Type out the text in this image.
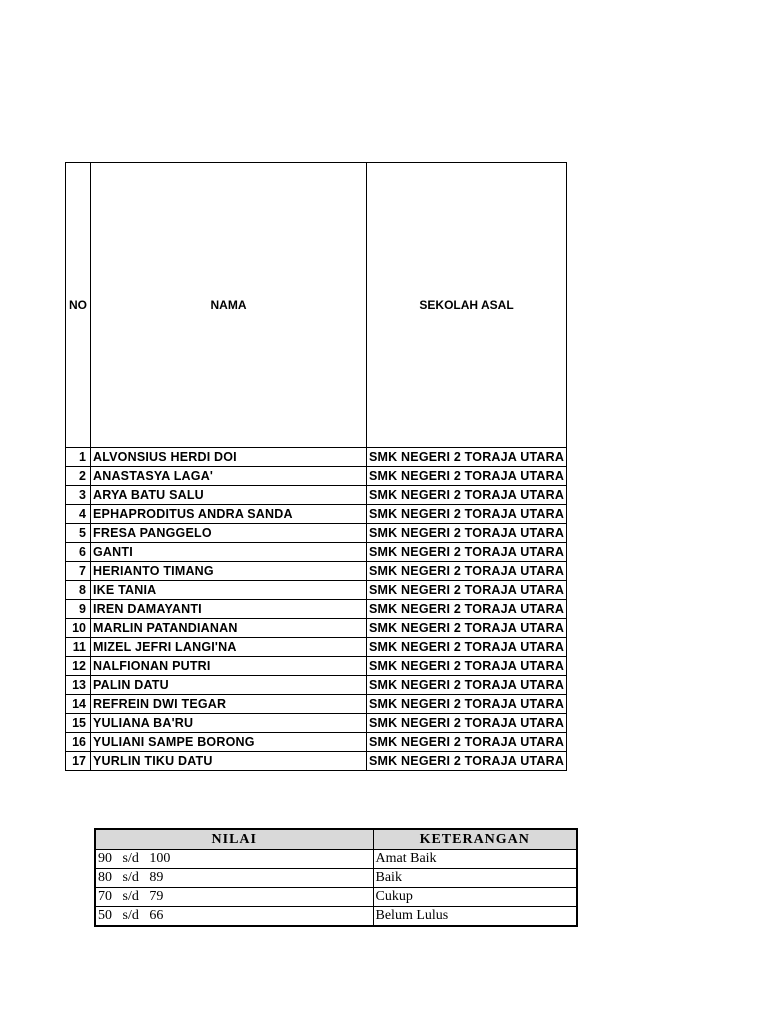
NO	NAMA	SEKOLAH ASAL
1	ALVONSIUS HERDI DOI	SMK NEGERI 2 TORAJA UTARA
2	ANASTASYA LAGA'	SMK NEGERI 2 TORAJA UTARA
3	ARYA BATU SALU	SMK NEGERI 2 TORAJA UTARA
4	EPHAPRODITUS ANDRA SANDA	SMK NEGERI 2 TORAJA UTARA
5	FRESA PANGGELO	SMK NEGERI 2 TORAJA UTARA
6	GANTI	SMK NEGERI 2 TORAJA UTARA
7	HERIANTO TIMANG	SMK NEGERI 2 TORAJA UTARA
8	IKE TANIA	SMK NEGERI 2 TORAJA UTARA
9	IREN DAMAYANTI	SMK NEGERI 2 TORAJA UTARA
10	MARLIN PATANDIANAN	SMK NEGERI 2 TORAJA UTARA
11	MIZEL JEFRI LANGI'NA	SMK NEGERI 2 TORAJA UTARA
12	NALFIONAN PUTRI	SMK NEGERI 2 TORAJA UTARA
13	PALIN DATU	SMK NEGERI 2 TORAJA UTARA
14	REFREIN DWI TEGAR	SMK NEGERI 2 TORAJA UTARA
15	YULIANA BA'RU	SMK NEGERI 2 TORAJA UTARA
16	YULIANI SAMPE BORONG	SMK NEGERI 2 TORAJA UTARA
17	YURLIN TIKU DATU	SMK NEGERI 2 TORAJA UTARA
NILAI	KETERANGAN
90   s/d   100	Amat Baik
80   s/d   89	Baik
70   s/d   79	Cukup
50   s/d   66	Belum Lulus
